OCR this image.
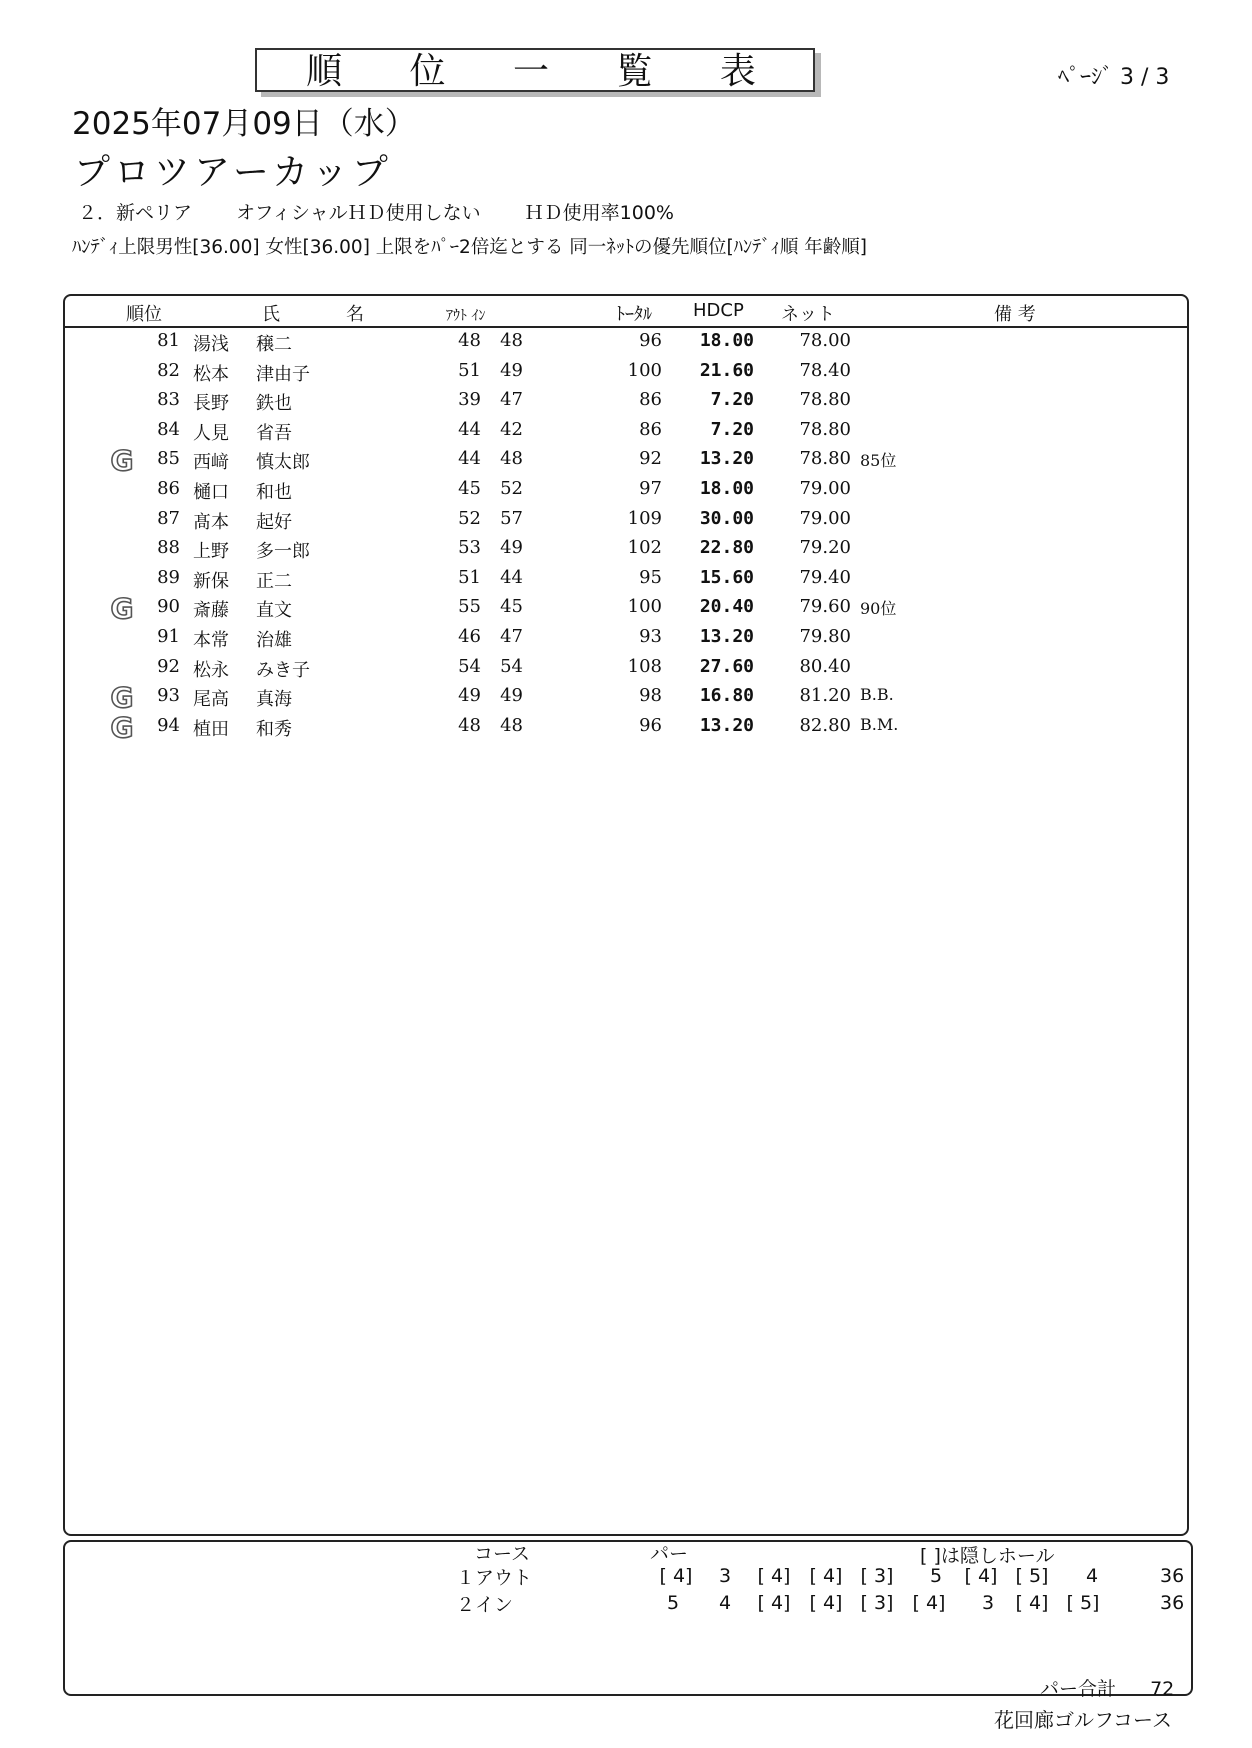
順 位 一 覧 表	ﾍﾟｰｼﾞ 3 / 3
2025年07月09日（水）
プロツアーカップ
２．新ペリア オフィシャルＨＤ使用しない ＨＤ使用率100%
ﾊﾝﾃﾞｨ上限男性[36.00] 女性[36.00] 上限をﾊﾟｰ2倍迄とする 同一ﾈｯﾄの優先順位[ﾊﾝﾃﾞｨ順 年齢順]
順位	氏	名	ｱｳﾄ ｲﾝ	ﾄｰﾀﾙ HDCP ネット	備 考
81 湯浅 穣二	48	48	96	18.00	78.00
82 松本 津由子	51	49	100	21.60	78.40
83 長野 鉄也	39	47	86	7.20	78.80
84 人見 省吾	44	42	86	7.20	78.80
G	85 西﨑 慎太郎	44	48	92	13.20	78.80 85位
86 樋口 和也	45	52	97	18.00	79.00
87 髙本 起好	52	57	109	30.00	79.00
88 上野 多一郎	53	49	102	22.80	79.20
89 新保 正二	51	44	95	15.60	79.40
G	90 斎藤 直文	55	45	100	20.40	79.60 90位
91 本常 治雄	46	47	93	13.20	79.80
92 松永 みき子	54	54	108	27.60	80.40
G	93 尾高 真海	49	49	98	16.80	81.20 B.B.
G	94 植田 和秀	48	48	96	13.20	82.80 B.M.
コース	パー	[ ]は隠しホール
１アウト	[ 4]	3	[ 4]	[ 4] [ 3]	5	[ 4] [ 5]	4	36
２イン	5	4	[ 4]	[ 4] [ 3]	[ 4]	3	[ 4] [ 5]	36
パー合計 72
花回廊ゴルフコース
